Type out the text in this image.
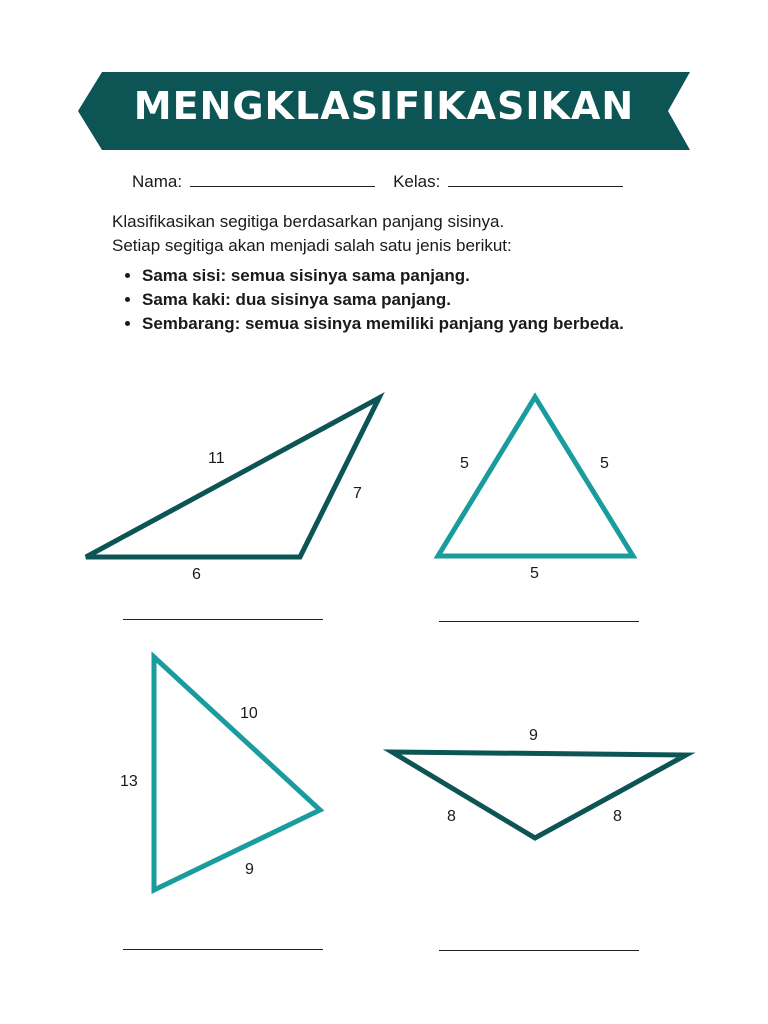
MENGKLASIFIKASIKAN
Nama:	Kelas:

Klasifikasikan segitiga berdasarkan panjang sisinya.

Setiap segitiga akan menjadi salah satu jenis berikut:

• Sama sisi: semua sisinya sama panjang.
• Sama kaki: dua sisinya sama panjang.
• Sembarang: semua sisinya memiliki panjang yang berbeda.
11
7
6
5	5
5
10
13
9
9
8	8
